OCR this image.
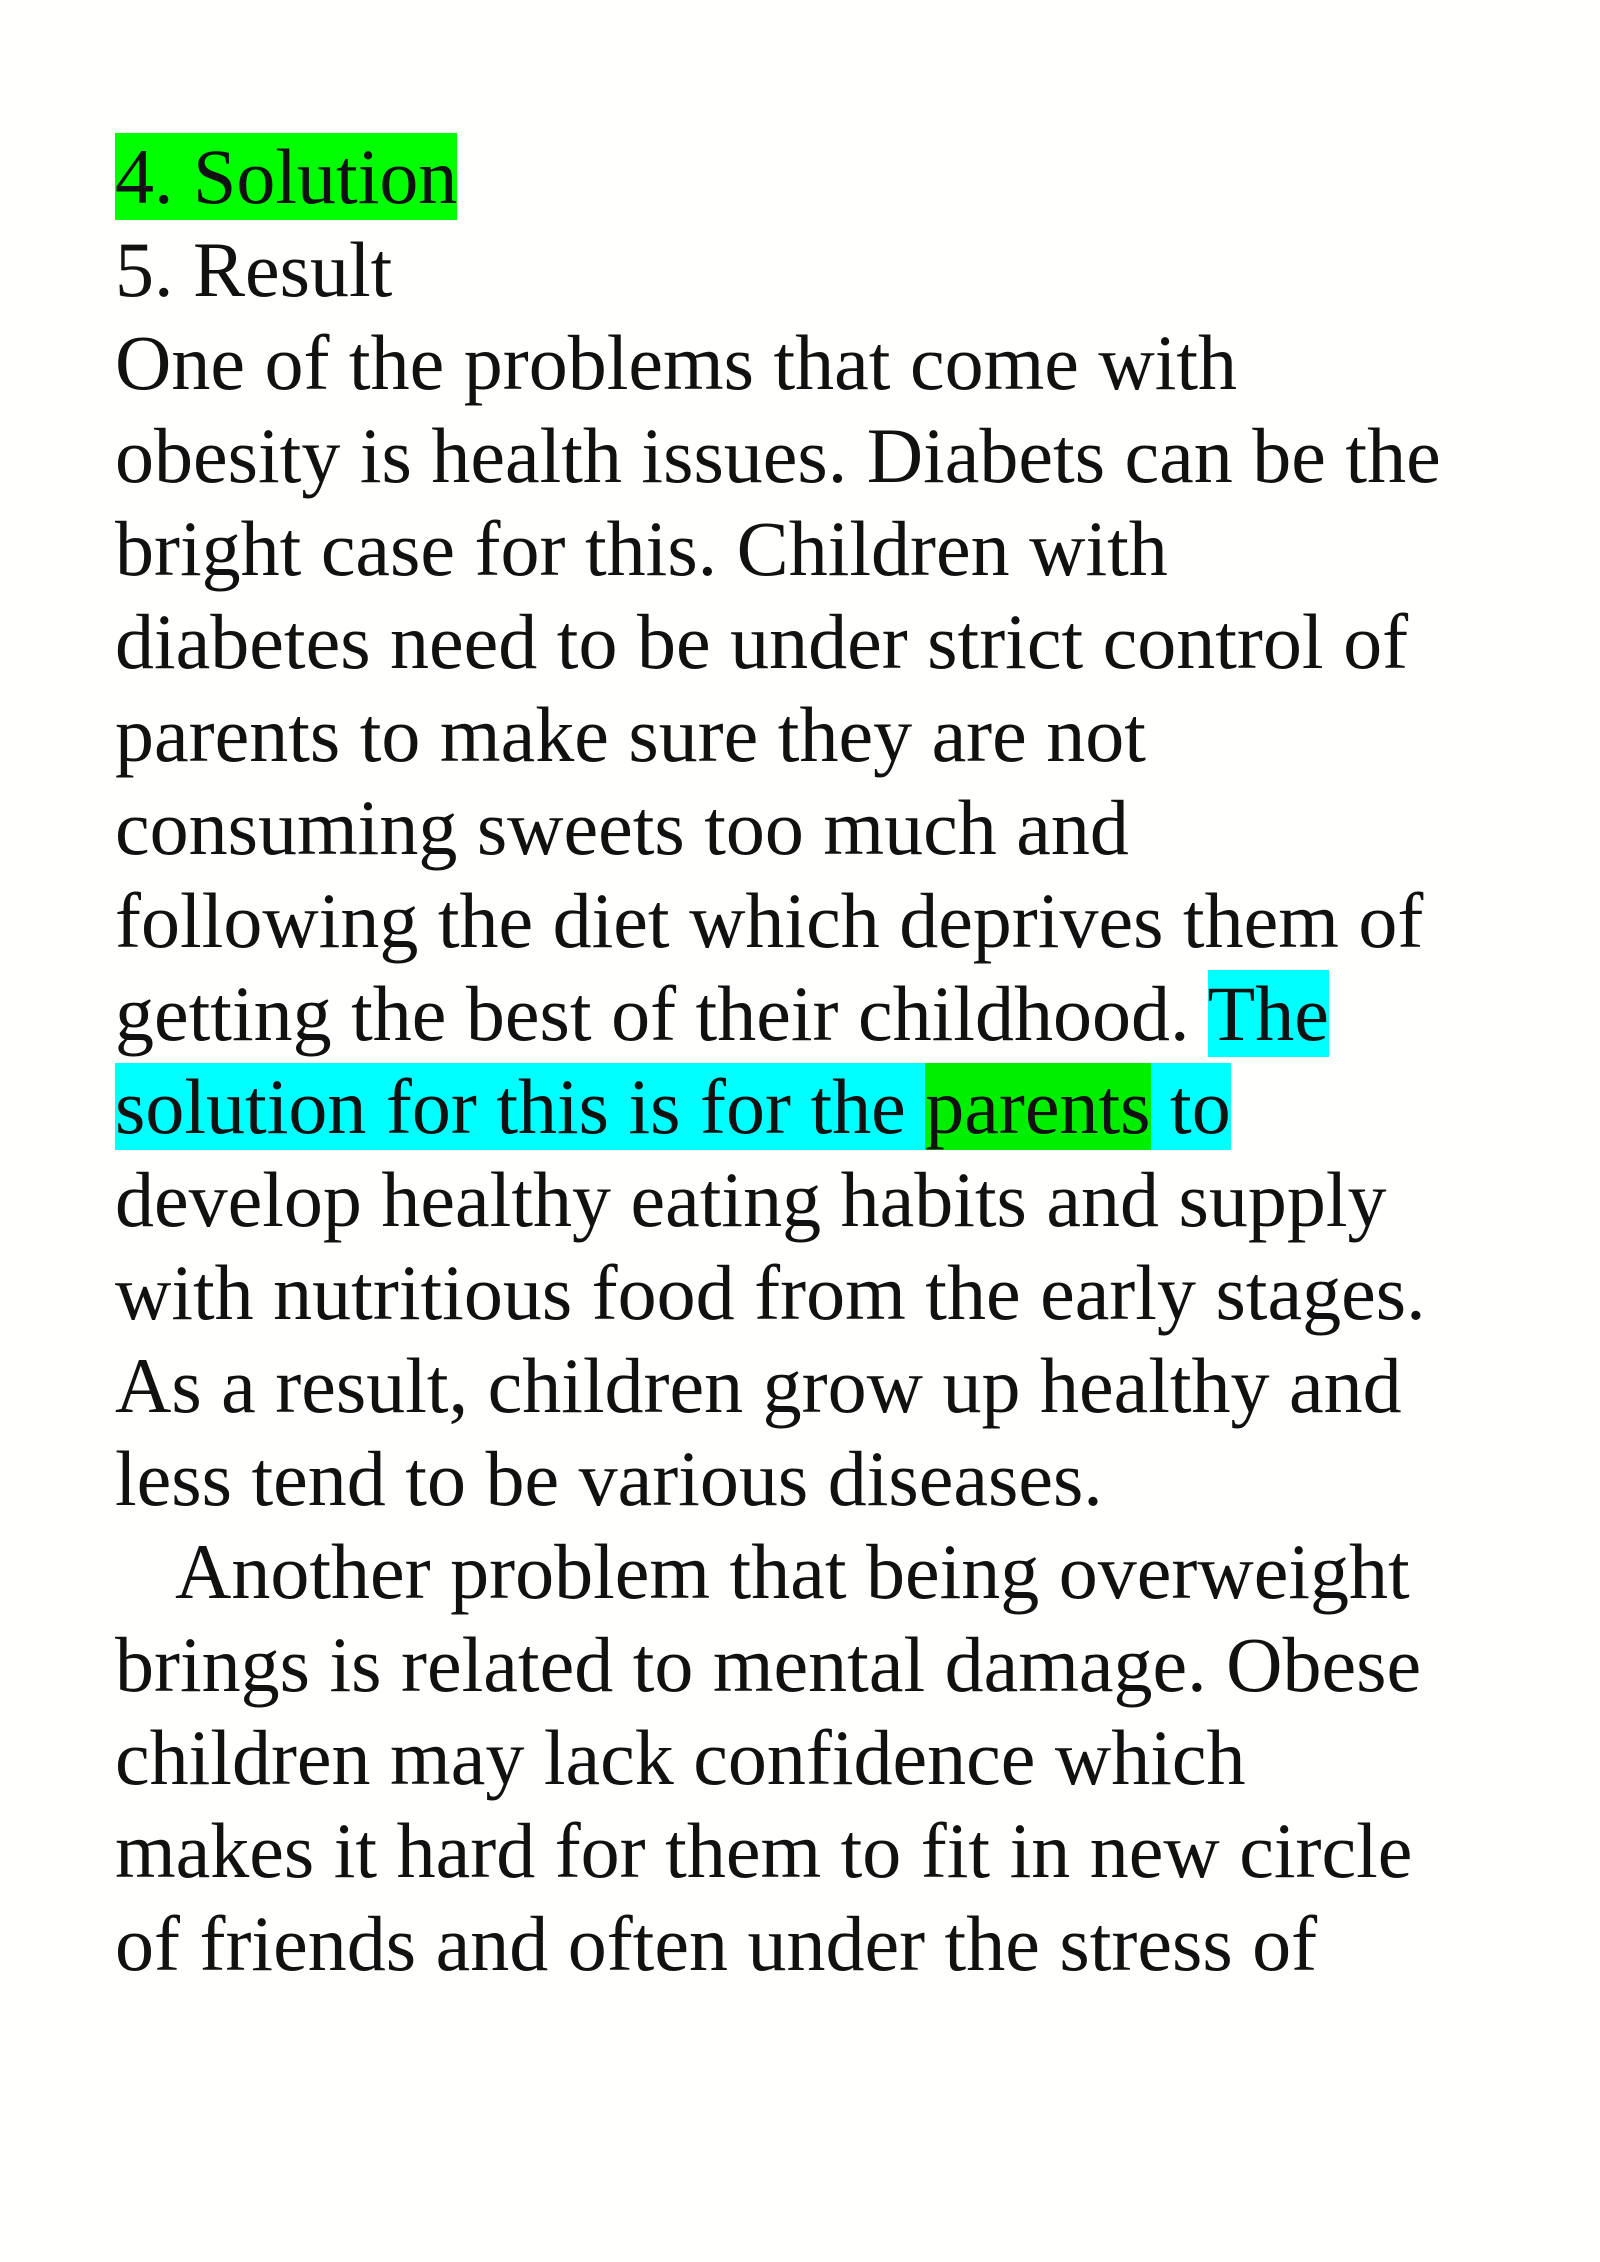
4. Solution
5. Result
One of the problems that come with
obesity is health issues. Diabets can be the
bright case for this. Children with
diabetes need to be under strict control of
parents to make sure they are not
consuming sweets too much and
following the diet which deprives them of
getting the best of their childhood. The
solution for this is for the parents to
develop healthy eating habits and supply
with nutritious food from the early stages.
As a result, children grow up healthy and
less tend to be various diseases.
Another problem that being overweight
brings is related to mental damage. Obese
children may lack confidence which
makes it hard for them to fit in new circle
of friends and often under the stress of
